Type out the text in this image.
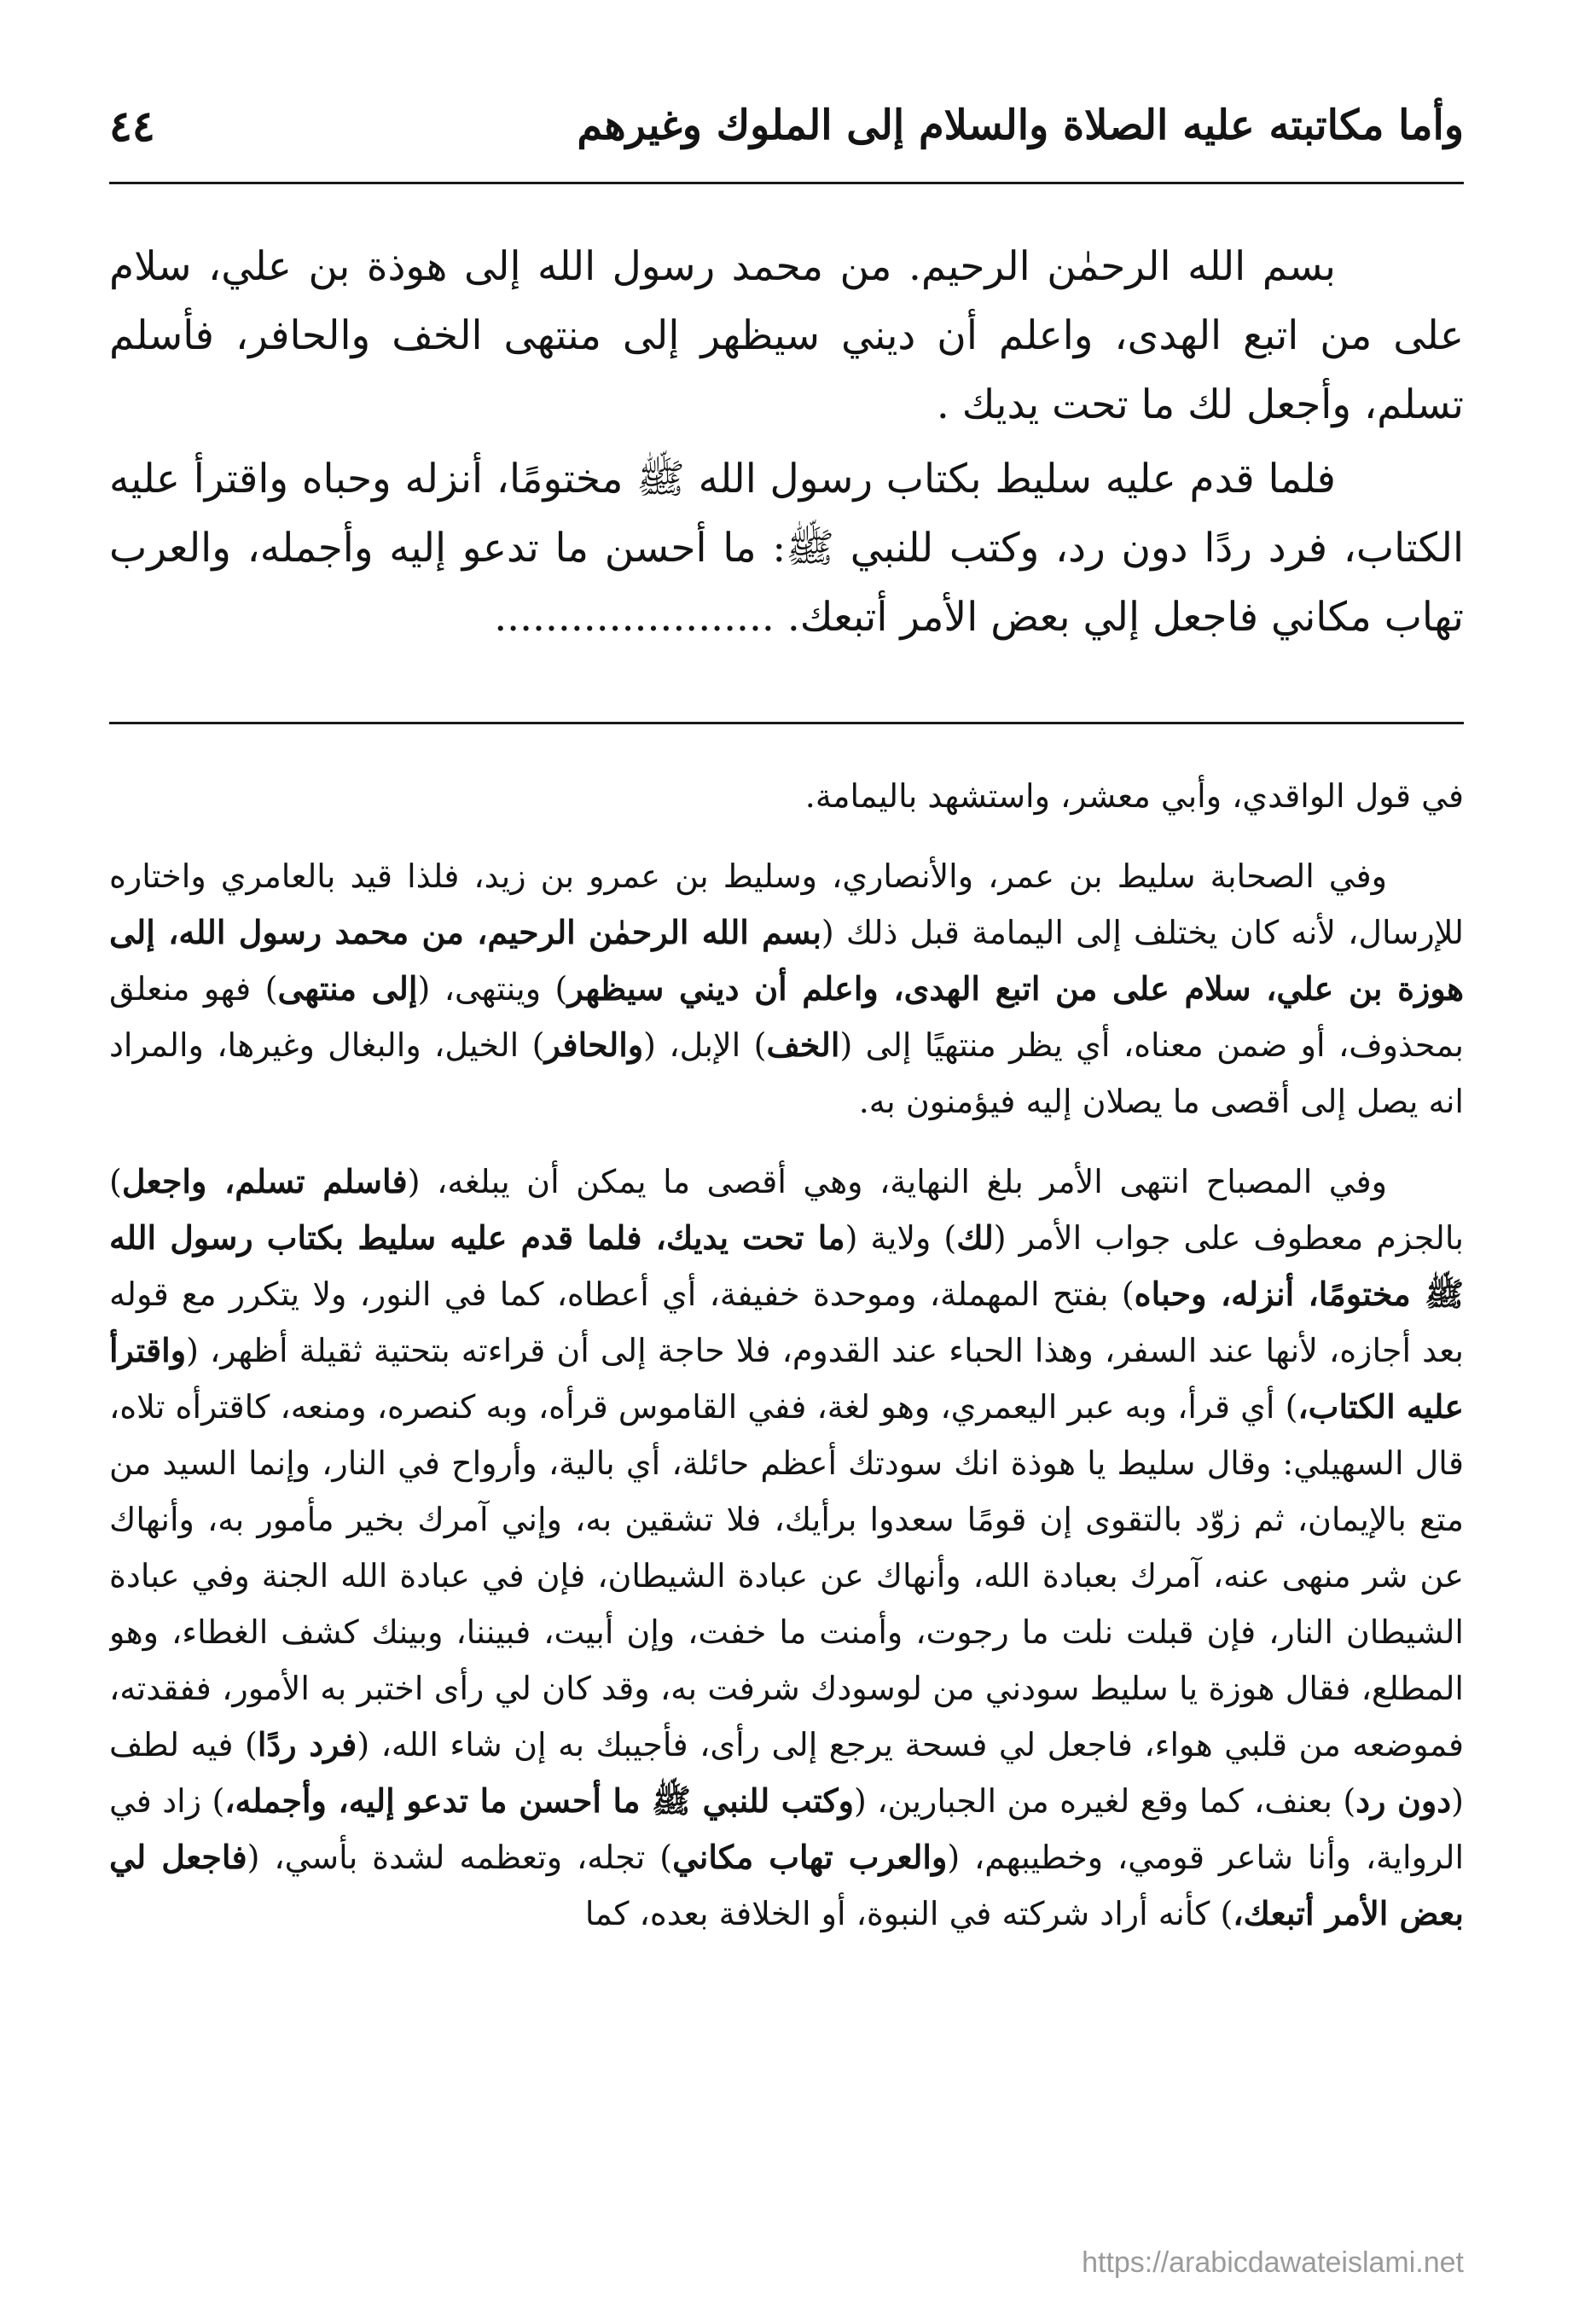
وأما مكاتبته عليه الصلاة والسلام إلى الملوك وغيرهم
٤٤

بسم الله الرحمٰن الرحيم. من محمد رسول الله إلى هوذة بن علي، سلام على من اتبع الهدى، واعلم أن ديني سيظهر إلى منتهى الخف والحافر، فأسلم تسلم، وأجعل لك ما تحت يديك .

فلما قدم عليه سليط بكتاب رسول الله ﷺ مختومًا، أنزله وحباه واقترأ عليه الكتاب، فرد ردًا دون رد، وكتب للنبي ﷺ: ما أحسن ما تدعو إليه وأجمله، والعرب تهاب مكاني فاجعل إلي بعض الأمر أتبعك. ......................

في قول الواقدي، وأبي معشر، واستشهد باليمامة.

وفي الصحابة سليط بن عمر، والأنصاري، وسليط بن عمرو بن زيد، فلذا قيد بالعامري واختاره للإرسال، لأنه كان يختلف إلى اليمامة قبل ذلك (بسم الله الرحمٰن الرحيم، من محمد رسول الله، إلى هوزة بن علي، سلام على من اتبع الهدى، واعلم أن ديني سيظهر) وينتهى، (إلى منتهى) فهو منعلق بمحذوف، أو ضمن معناه، أي يظر منتهيًا إلى (الخف) الإبل، (والحافر) الخيل، والبغال وغيرها، والمراد انه يصل إلى أقصى ما يصلان إليه فيؤمنون به.

وفي المصباح انتهى الأمر بلغ النهاية، وهي أقصى ما يمكن أن يبلغه، (فاسلم تسلم، واجعل) بالجزم معطوف على جواب الأمر (لك) ولاية (ما تحت يديك، فلما قدم عليه سليط بكتاب رسول الله ﷺ مختومًا، أنزله، وحباه) بفتح المهملة، وموحدة خفيفة، أي أعطاه، كما في النور، ولا يتكرر مع قوله بعد أجازه، لأنها عند السفر، وهذا الحباء عند القدوم، فلا حاجة إلى أن قراءته بتحتية ثقيلة أظهر، (واقترأ عليه الكتاب،) أي قرأ، وبه عبر اليعمري، وهو لغة، ففي القاموس قرأه، وبه كنصره، ومنعه، كاقترأه تلاه، قال السهيلي: وقال سليط يا هوذة انك سودتك أعظم حائلة، أي بالية، وأرواح في النار، وإنما السيد من متع بالإيمان، ثم زوّد بالتقوى إن قومًا سعدوا برأيك، فلا تشقين به، وإني آمرك بخير مأمور به، وأنهاك عن شر منهى عنه، آمرك بعبادة الله، وأنهاك عن عبادة الشيطان، فإن في عبادة الله الجنة وفي عبادة الشيطان النار، فإن قبلت نلت ما رجوت، وأمنت ما خفت، وإن أبيت، فبيننا، وبينك كشف الغطاء، وهو المطلع، فقال هوزة يا سليط سودني من لوسودك شرفت به، وقد كان لي رأى اختبر به الأمور، ففقدته، فموضعه من قلبي هواء، فاجعل لي فسحة يرجع إلى رأى، فأجيبك به إن شاء الله، (فرد ردًا) فيه لطف (دون رد) بعنف، كما وقع لغيره من الجبارين، (وكتب للنبي ﷺ ما أحسن ما تدعو إليه، وأجمله،) زاد في الرواية، وأنا شاعر قومي، وخطيبهم، (والعرب تهاب مكاني) تجله، وتعظمه لشدة بأسي، (فاجعل لي بعض الأمر أتبعك،) كأنه أراد شركته في النبوة، أو الخلافة بعده، كما

https://arabicdawateislami.net
